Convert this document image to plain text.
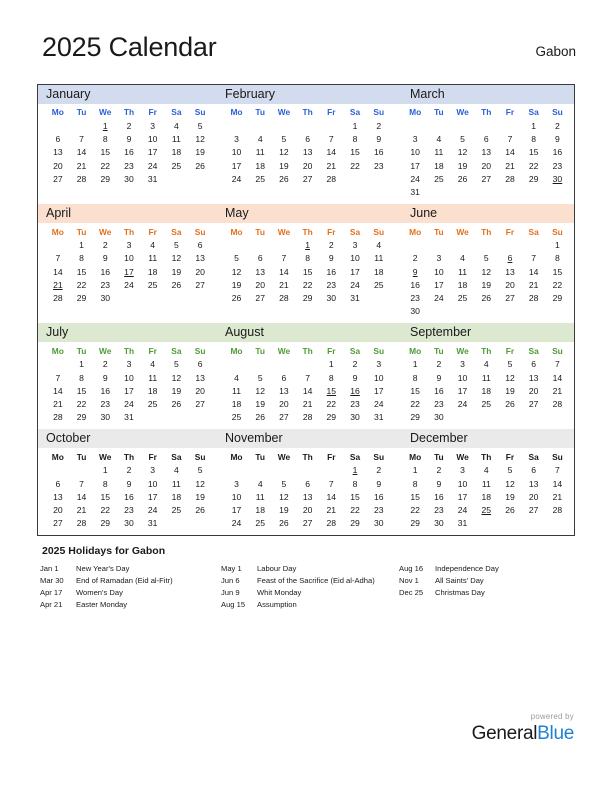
2025 Calendar	Gabon
January	February	March
Mo	Tu	We	Th	Fr	Sa	Su
		1	2	3	4	5
6	7	8	9	10	11	12
13	14	15	16	17	18	19
20	21	22	23	24	25	26
27	28	29	30	31		
Mo	Tu	We	Th	Fr	Sa	Su
					1	2
3	4	5	6	7	8	9
10	11	12	13	14	15	16
17	18	19	20	21	22	23
24	25	26	27	28		
Mo	Tu	We	Th	Fr	Sa	Su
					1	2
3	4	5	6	7	8	9
10	11	12	13	14	15	16
17	18	19	20	21	22	23
24	25	26	27	28	29	30
31						
April	May	June
Mo	Tu	We	Th	Fr	Sa	Su
	1	2	3	4	5	6
7	8	9	10	11	12	13
14	15	16	17	18	19	20
21	22	23	24	25	26	27
28	29	30				
Mo	Tu	We	Th	Fr	Sa	Su
			1	2	3	4
5	6	7	8	9	10	11
12	13	14	15	16	17	18
19	20	21	22	23	24	25
26	27	28	29	30	31	
Mo	Tu	We	Th	Fr	Sa	Su
						1
2	3	4	5	6	7	8
9	10	11	12	13	14	15
16	17	18	19	20	21	22
23	24	25	26	27	28	29
30						
July	August	September
Mo	Tu	We	Th	Fr	Sa	Su
	1	2	3	4	5	6
7	8	9	10	11	12	13
14	15	16	17	18	19	20
21	22	23	24	25	26	27
28	29	30	31			
Mo	Tu	We	Th	Fr	Sa	Su
				1	2	3
4	5	6	7	8	9	10
11	12	13	14	15	16	17
18	19	20	21	22	23	24
25	26	27	28	29	30	31
Mo	Tu	We	Th	Fr	Sa	Su
1	2	3	4	5	6	7
8	9	10	11	12	13	14
15	16	17	18	19	20	21
22	23	24	25	26	27	28
29	30					
October	November	December
Mo	Tu	We	Th	Fr	Sa	Su
		1	2	3	4	5
6	7	8	9	10	11	12
13	14	15	16	17	18	19
20	21	22	23	24	25	26
27	28	29	30	31		
Mo	Tu	We	Th	Fr	Sa	Su
					1	2
3	4	5	6	7	8	9
10	11	12	13	14	15	16
17	18	19	20	21	22	23
24	25	26	27	28	29	30
Mo	Tu	We	Th	Fr	Sa	Su
1	2	3	4	5	6	7
8	9	10	11	12	13	14
15	16	17	18	19	20	21
22	23	24	25	26	27	28
29	30	31				
2025 Holidays for Gabon
Jan 1	New Year's Day
Mar 30	End of Ramadan (Eid al-Fitr)
Apr 17	Women's Day
Apr 21	Easter Monday
May 1	Labour Day
Jun 6	Feast of the Sacrifice (Eid al-Adha)
Jun 9	Whit Monday
Aug 15	Assumption
Aug 16	Independence Day
Nov 1	All Saints' Day
Dec 25	Christmas Day
powered by
GeneralBlue
